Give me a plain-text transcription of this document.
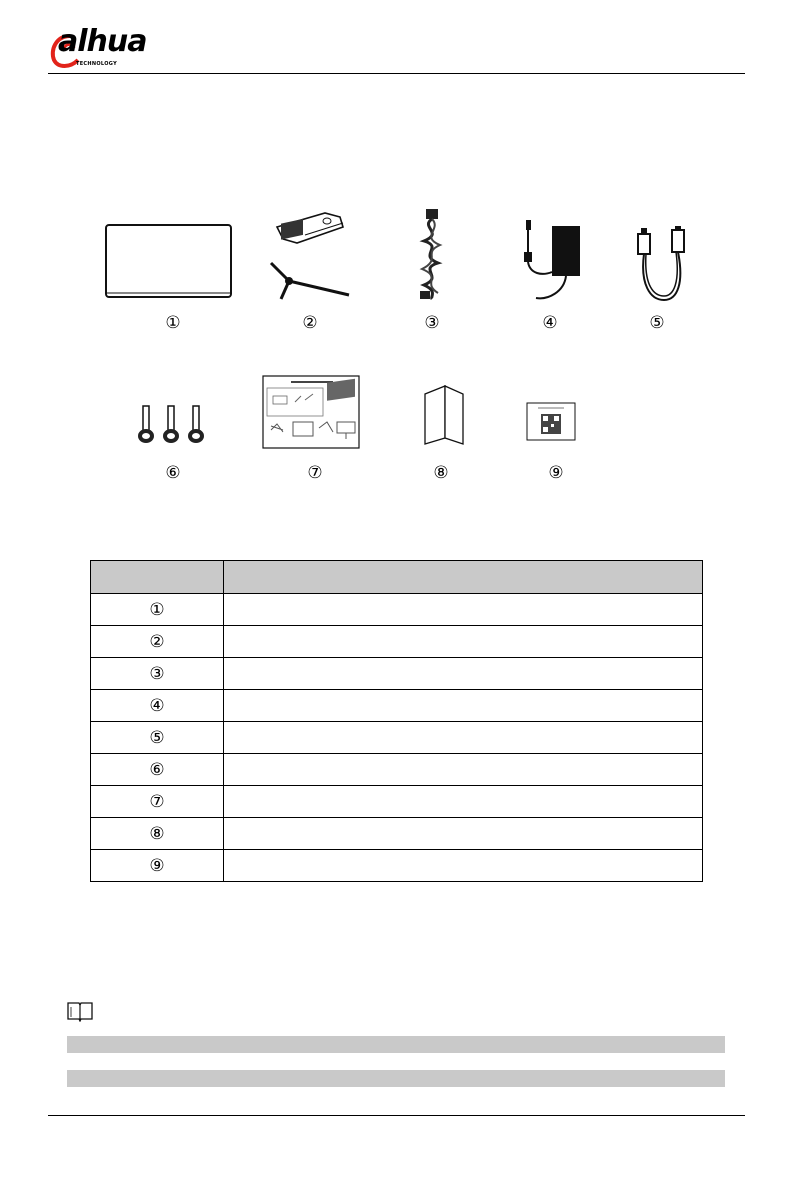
alhua
TECHNOLOGY
①	②	③	④	⑤
⑥	⑦	⑧	⑨

①	
②	
③	
④	
⑤	
⑥	
⑦	
⑧	
⑨	
